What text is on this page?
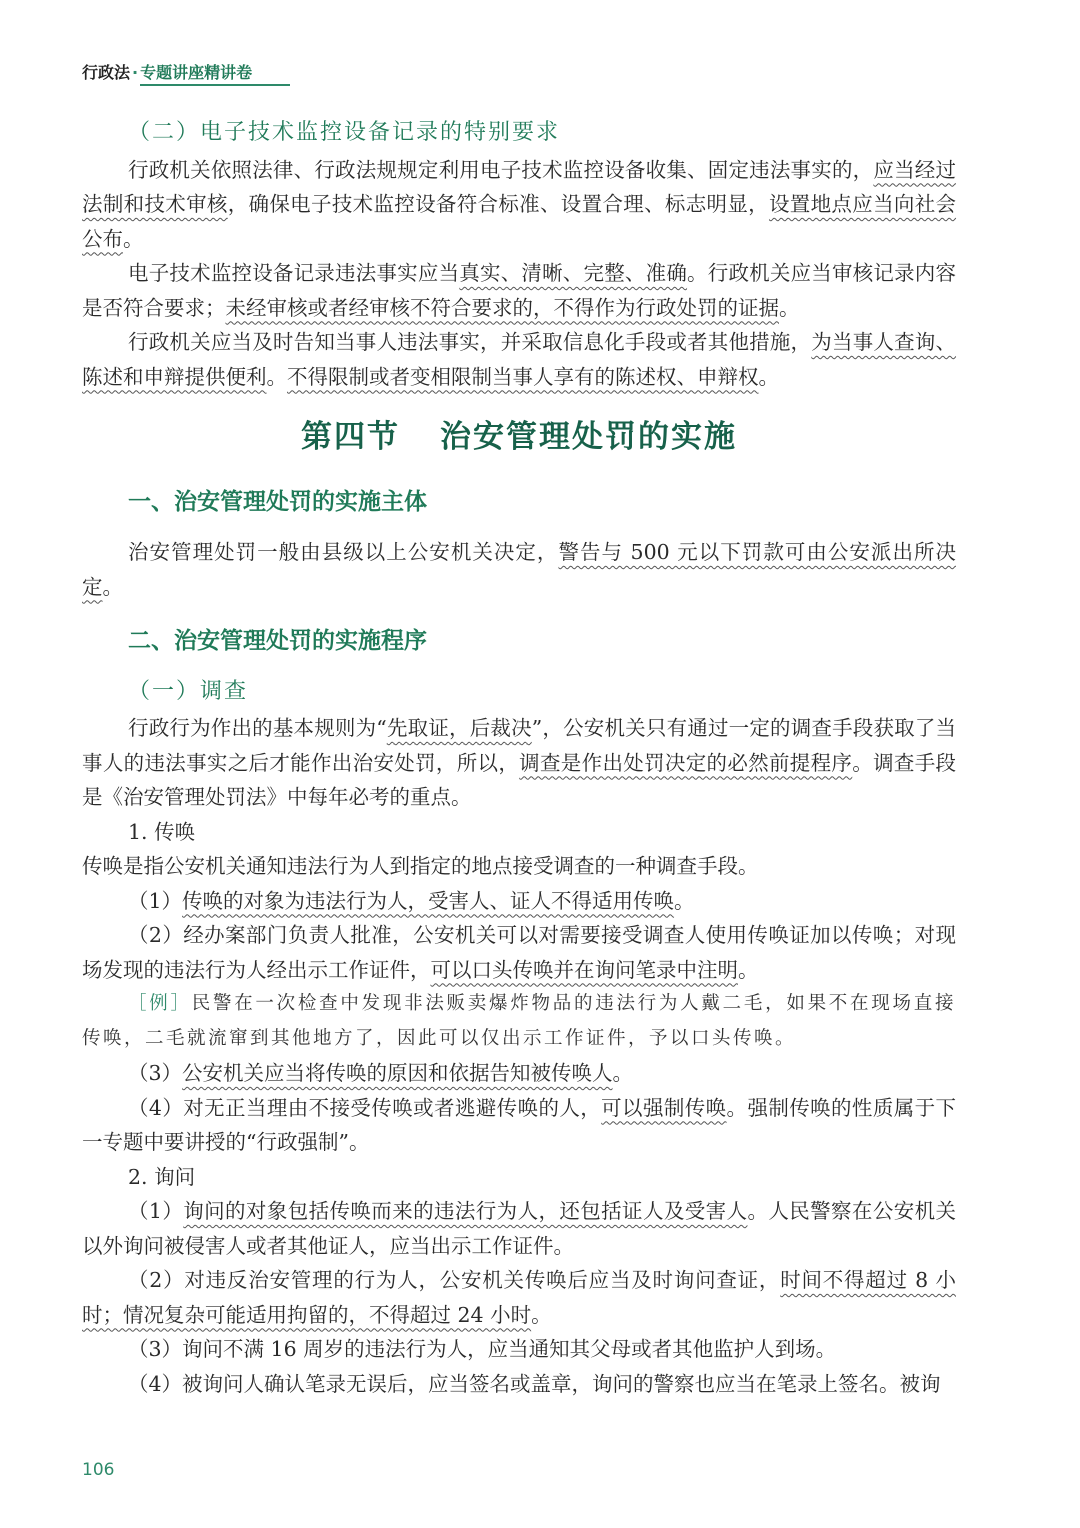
行政法 · 专题讲座精讲卷
（二）电子技术监控设备记录的特别要求

行政机关依照法律、行政法规规定利用电子技术监控设备收集、固定违法事实的，应当经过法制和技术审核，确保电子技术监控设备符合标准、设置合理、标志明显，设置地点应当向社会公布。

电子技术监控设备记录违法事实应当真实、清晰、完整、准确。行政机关应当审核记录内容是否符合要求；未经审核或者经审核不符合要求的，不得作为行政处罚的证据。

行政机关应当及时告知当事人违法事实，并采取信息化手段或者其他措施，为当事人查询、陈述和申辩提供便利。不得限制或者变相限制当事人享有的陈述权、申辩权。

第四节 治安管理处罚的实施
一、治安管理处罚的实施主体

治安管理处罚一般由县级以上公安机关决定，警告与 500 元以下罚款可由公安派出所决定。

二、治安管理处罚的实施程序
（一）调查

行政行为作出的基本规则为“先取证，后裁决”，公安机关只有通过一定的调查手段获取了当事人的违法事实之后才能作出治安处罚，所以，调查是作出处罚决定的必然前提程序。调查手段是《治安管理处罚法》中每年必考的重点。

1. 传唤

传唤是指公安机关通知违法行为人到指定的地点接受调查的一种调查手段。

（1）传唤的对象为违法行为人，受害人、证人不得适用传唤。

（2）经办案部门负责人批准，公安机关可以对需要接受调查人使用传唤证加以传唤；对现场发现的违法行为人经出示工作证件，可以口头传唤并在询问笔录中注明。

［例］民警在一次检查中发现非法贩卖爆炸物品的违法行为人戴二毛，如果不在现场直接传唤，二毛就流窜到其他地方了，因此可以仅出示工作证件，予以口头传唤。

（3）公安机关应当将传唤的原因和依据告知被传唤人。

（4）对无正当理由不接受传唤或者逃避传唤的人，可以强制传唤。强制传唤的性质属于下一专题中要讲授的“行政强制”。

2. 询问

（1）询问的对象包括传唤而来的违法行为人，还包括证人及受害人。人民警察在公安机关以外询问被侵害人或者其他证人，应当出示工作证件。

（2）对违反治安管理的行为人，公安机关传唤后应当及时询问查证，时间不得超过 8 小时；情况复杂可能适用拘留的，不得超过 24 小时。

（3）询问不满 16 周岁的违法行为人，应当通知其父母或者其他监护人到场。

（4）被询问人确认笔录无误后，应当签名或盖章，询问的警察也应当在笔录上签名。被询

106
